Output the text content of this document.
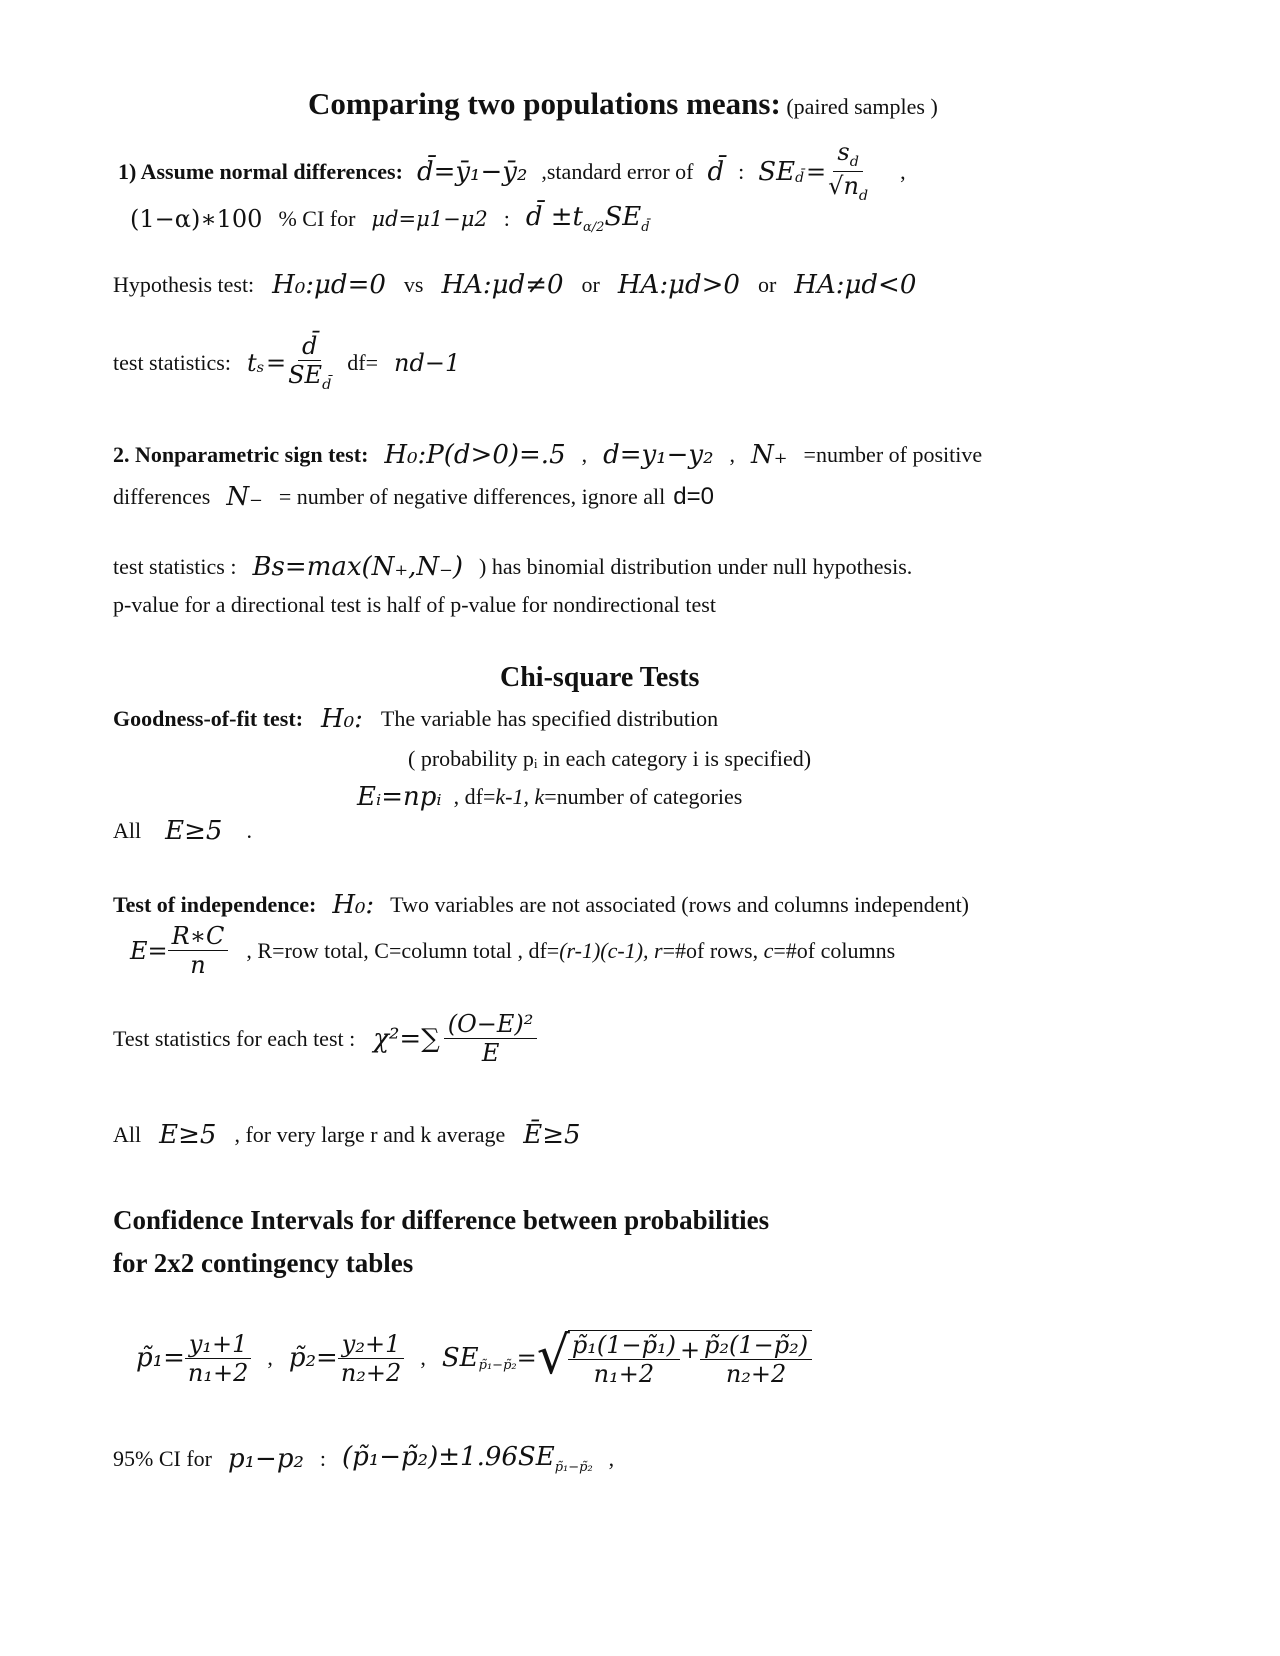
Comparing two populations means: (paired samples )
1) Assume normal differences: d̄=ȳ₁−ȳ₂ ,standard error of d̄ : $SE_{d̄} = \frac{s_d}{√n_d}$ ,
(1−α)∗100 % CI for μd=μ1−μ2 : d̄ $\pm t_{\alpha/2}SE_{d̄}$
Hypothesis test: H₀:μd=0 vs HA:μd≠0 or HA:μd>0 or HA:μd<0
test statistics: $t_s = \frac{d̄}{SE_{d̄}} df= nd-1$
2. Nonparametric sign test: H₀:P(d>0)=.5 , d=y₁−y₂ , N₊ =number of positive
differences N₋ = number of negative differences, ignore all d=0
test statistics : Bs=max(N₊,N₋) ) has binomial distribution under null hypothesis.
p-value for a directional test is half of p-value for nondirectional test
Chi-square Tests
Goodness-of-fit test: H₀: The variable has specified distribution
( probability pᵢ in each category i is specified)
Eᵢ=npᵢ , df=k-1, k=number of categories
All E≥5 .
Test of independence: H₀: Two variables are not associated (rows and columns independent)
$E= \frac{R∗C}{n}$ , R=row total, C=column total , df=(r-1)(c-1), r=#of rows, c=#of columns
Test statistics for each test : $\chi^2=\sum \frac{\text{(O−E)²}}{E}$
All E≥5 , for very large r and k average Ē≥5
Confidence Intervals for difference between probabilities
for 2x2 contingency tables
p̃₁= $\frac{\text{y₁+1}}{\text{n₁+2}}$ , p̃₂= $\frac{\text{y₂+1}}{\text{n₂+2}}$ , $SE_{p̃_1-p̃_2}$ = √
$\frac{\text{p̃₁(1−p̃₁)}}{\text{n₁+2}} + \frac{\text{p̃₂(1−p̃₂)}}{\text{n₂+2}}$
95% CI for p₁−p₂ : $(p̃_1-p̃_2)\pm 1.96SE_{p̃_1-p̃_2}$ ,
